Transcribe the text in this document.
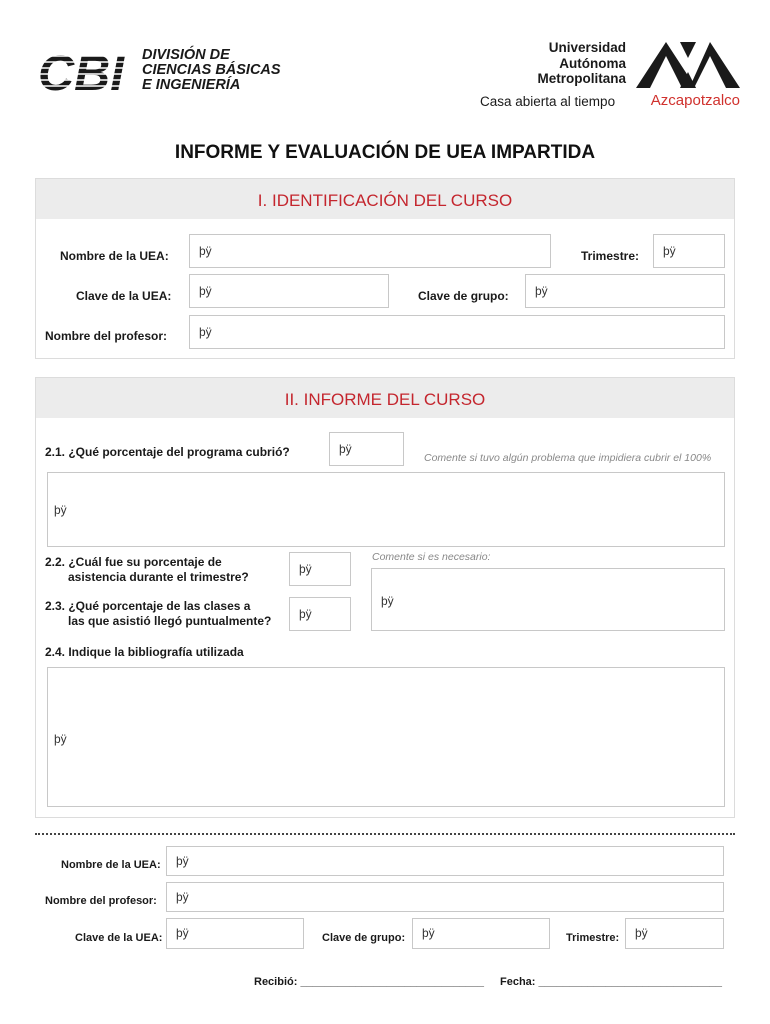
CBI DIVISIÓN DE
CIENCIAS BÁSICAS
E INGENIERÍA
Universidad
Autónoma
Metropolitana
Casa abierta al tiempo Azcapotzalco
INFORME Y EVALUACIÓN DE UEA IMPARTIDA
I. IDENTIFICACIÓN DEL CURSO
Nombre de la UEA:	þÿ	Trimestre:	þÿ
Clave de la UEA:	þÿ	Clave de grupo:	þÿ
Nombre del profesor:	þÿ
II. INFORME DEL CURSO
2.1. ¿Qué porcentaje del programa cubrió?	þÿ
Comente si tuvo algún problema que impidiera cubrir el 100%
þÿ
2.2. ¿Cuál fue su porcentaje de
asistencia durante el trimestre?
þÿ
2.3. ¿Qué porcentaje de las clases a
las que asistió llegó puntualmente?	þÿ
Comente si es necesario:
þÿ
2.4. Indique la bibliografía utilizada
þÿ
Nombre de la UEA:	þÿ
Nombre del profesor:	þÿ
Clave de la UEA:	þÿ	Clave de grupo:	þÿ	Trimestre:	þÿ
Recibió: ______________________________ Fecha: ______________________________
